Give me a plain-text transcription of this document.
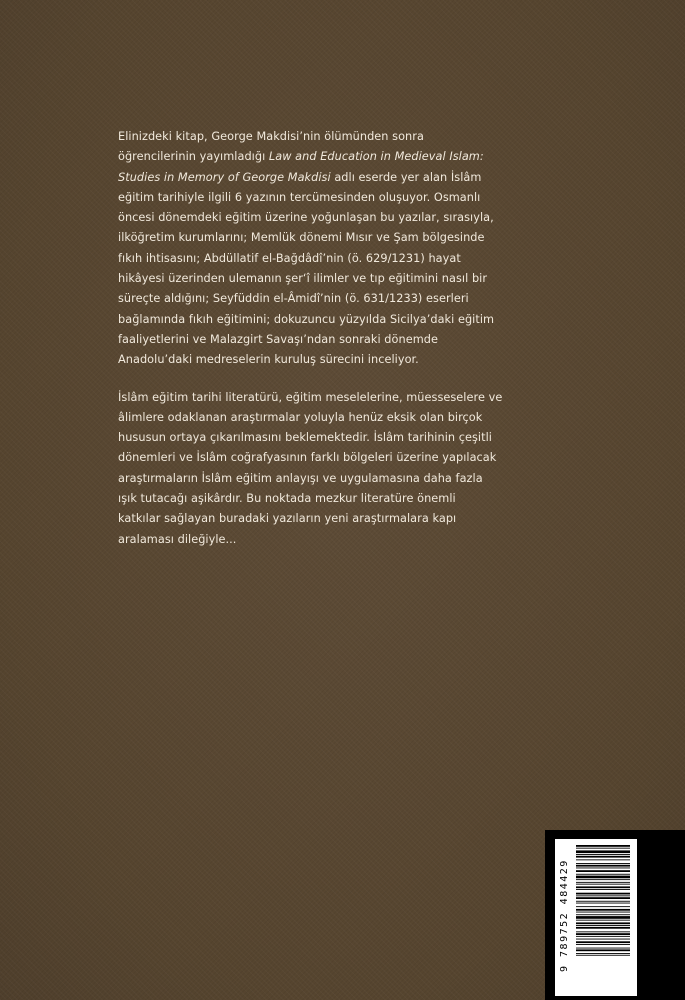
Elinizdeki kitap, George Makdisi’nin ölümünden sonra
öğrencilerinin yayımladığı Law and Education in Medieval Islam:
Studies in Memory of George Makdisi adlı eserde yer alan İslâm
eğitim tarihiyle ilgili 6 yazının tercümesinden oluşuyor. Osmanlı
öncesi dönemdeki eğitim üzerine yoğunlaşan bu yazılar, sırasıyla,
ilköğretim kurumlarını; Memlük dönemi Mısır ve Şam bölgesinde
fıkıh ihtisasını; Abdüllatif el-Bağdâdî’nin (ö. 629/1231) hayat
hikâyesi üzerinden ulemanın şer‘î ilimler ve tıp eğitimini nasıl bir
süreçte aldığını; Seyfüddin el-Âmidî’nin (ö. 631/1233) eserleri
bağlamında fıkıh eğitimini; dokuzuncu yüzyılda Sicilya’daki eğitim
faaliyetlerini ve Malazgirt Savaşı’ndan sonraki dönemde
Anadolu’daki medreselerin kuruluş sürecini inceliyor.

İslâm eğitim tarihi literatürü, eğitim meselelerine, müesseselere ve
âlimlere odaklanan araştırmalar yoluyla henüz eksik olan birçok
hususun ortaya çıkarılmasını beklemektedir. İslâm tarihinin çeşitli
dönemleri ve İslâm coğrafyasının farklı bölgeleri üzerine yapılacak
araştırmaların İslâm eğitim anlayışı ve uygulamasına daha fazla
ışık tutacağı aşikârdır. Bu noktada mezkur literatüre önemli
katkılar sağlayan buradaki yazıların yeni araştırmalara kapı
aralaması dileğiyle...

9 789752 484429
